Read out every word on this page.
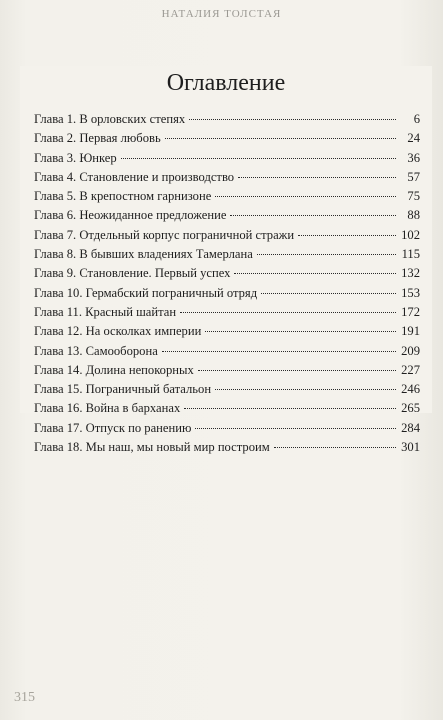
НАТАЛИЯ ТОЛСТАЯ
Оглавление
Глава 1. В орловских степях	6
Глава 2. Первая любовь	24
Глава 3. Юнкер	36
Глава 4. Становление и производство	57
Глава 5. В крепостном гарнизоне	75
Глава 6. Неожиданное предложение	88
Глава 7. Отдельный корпус пограничной стражи	102
Глава 8. В бывших владениях Тамерлана	115
Глава 9. Становление. Первый успех	132
Глава 10. Гермабский пограничный отряд	153
Глава 11. Красный шайтан	172
Глава 12. На осколках империи	191
Глава 13. Самооборона	209
Глава 14. Долина непокорных	227
Глава 15. Пограничный батальон	246
Глава 16. Война в барханах	265
Глава 17. Отпуск по ранению	284
Глава 18. Мы наш, мы новый мир построим	301
315
